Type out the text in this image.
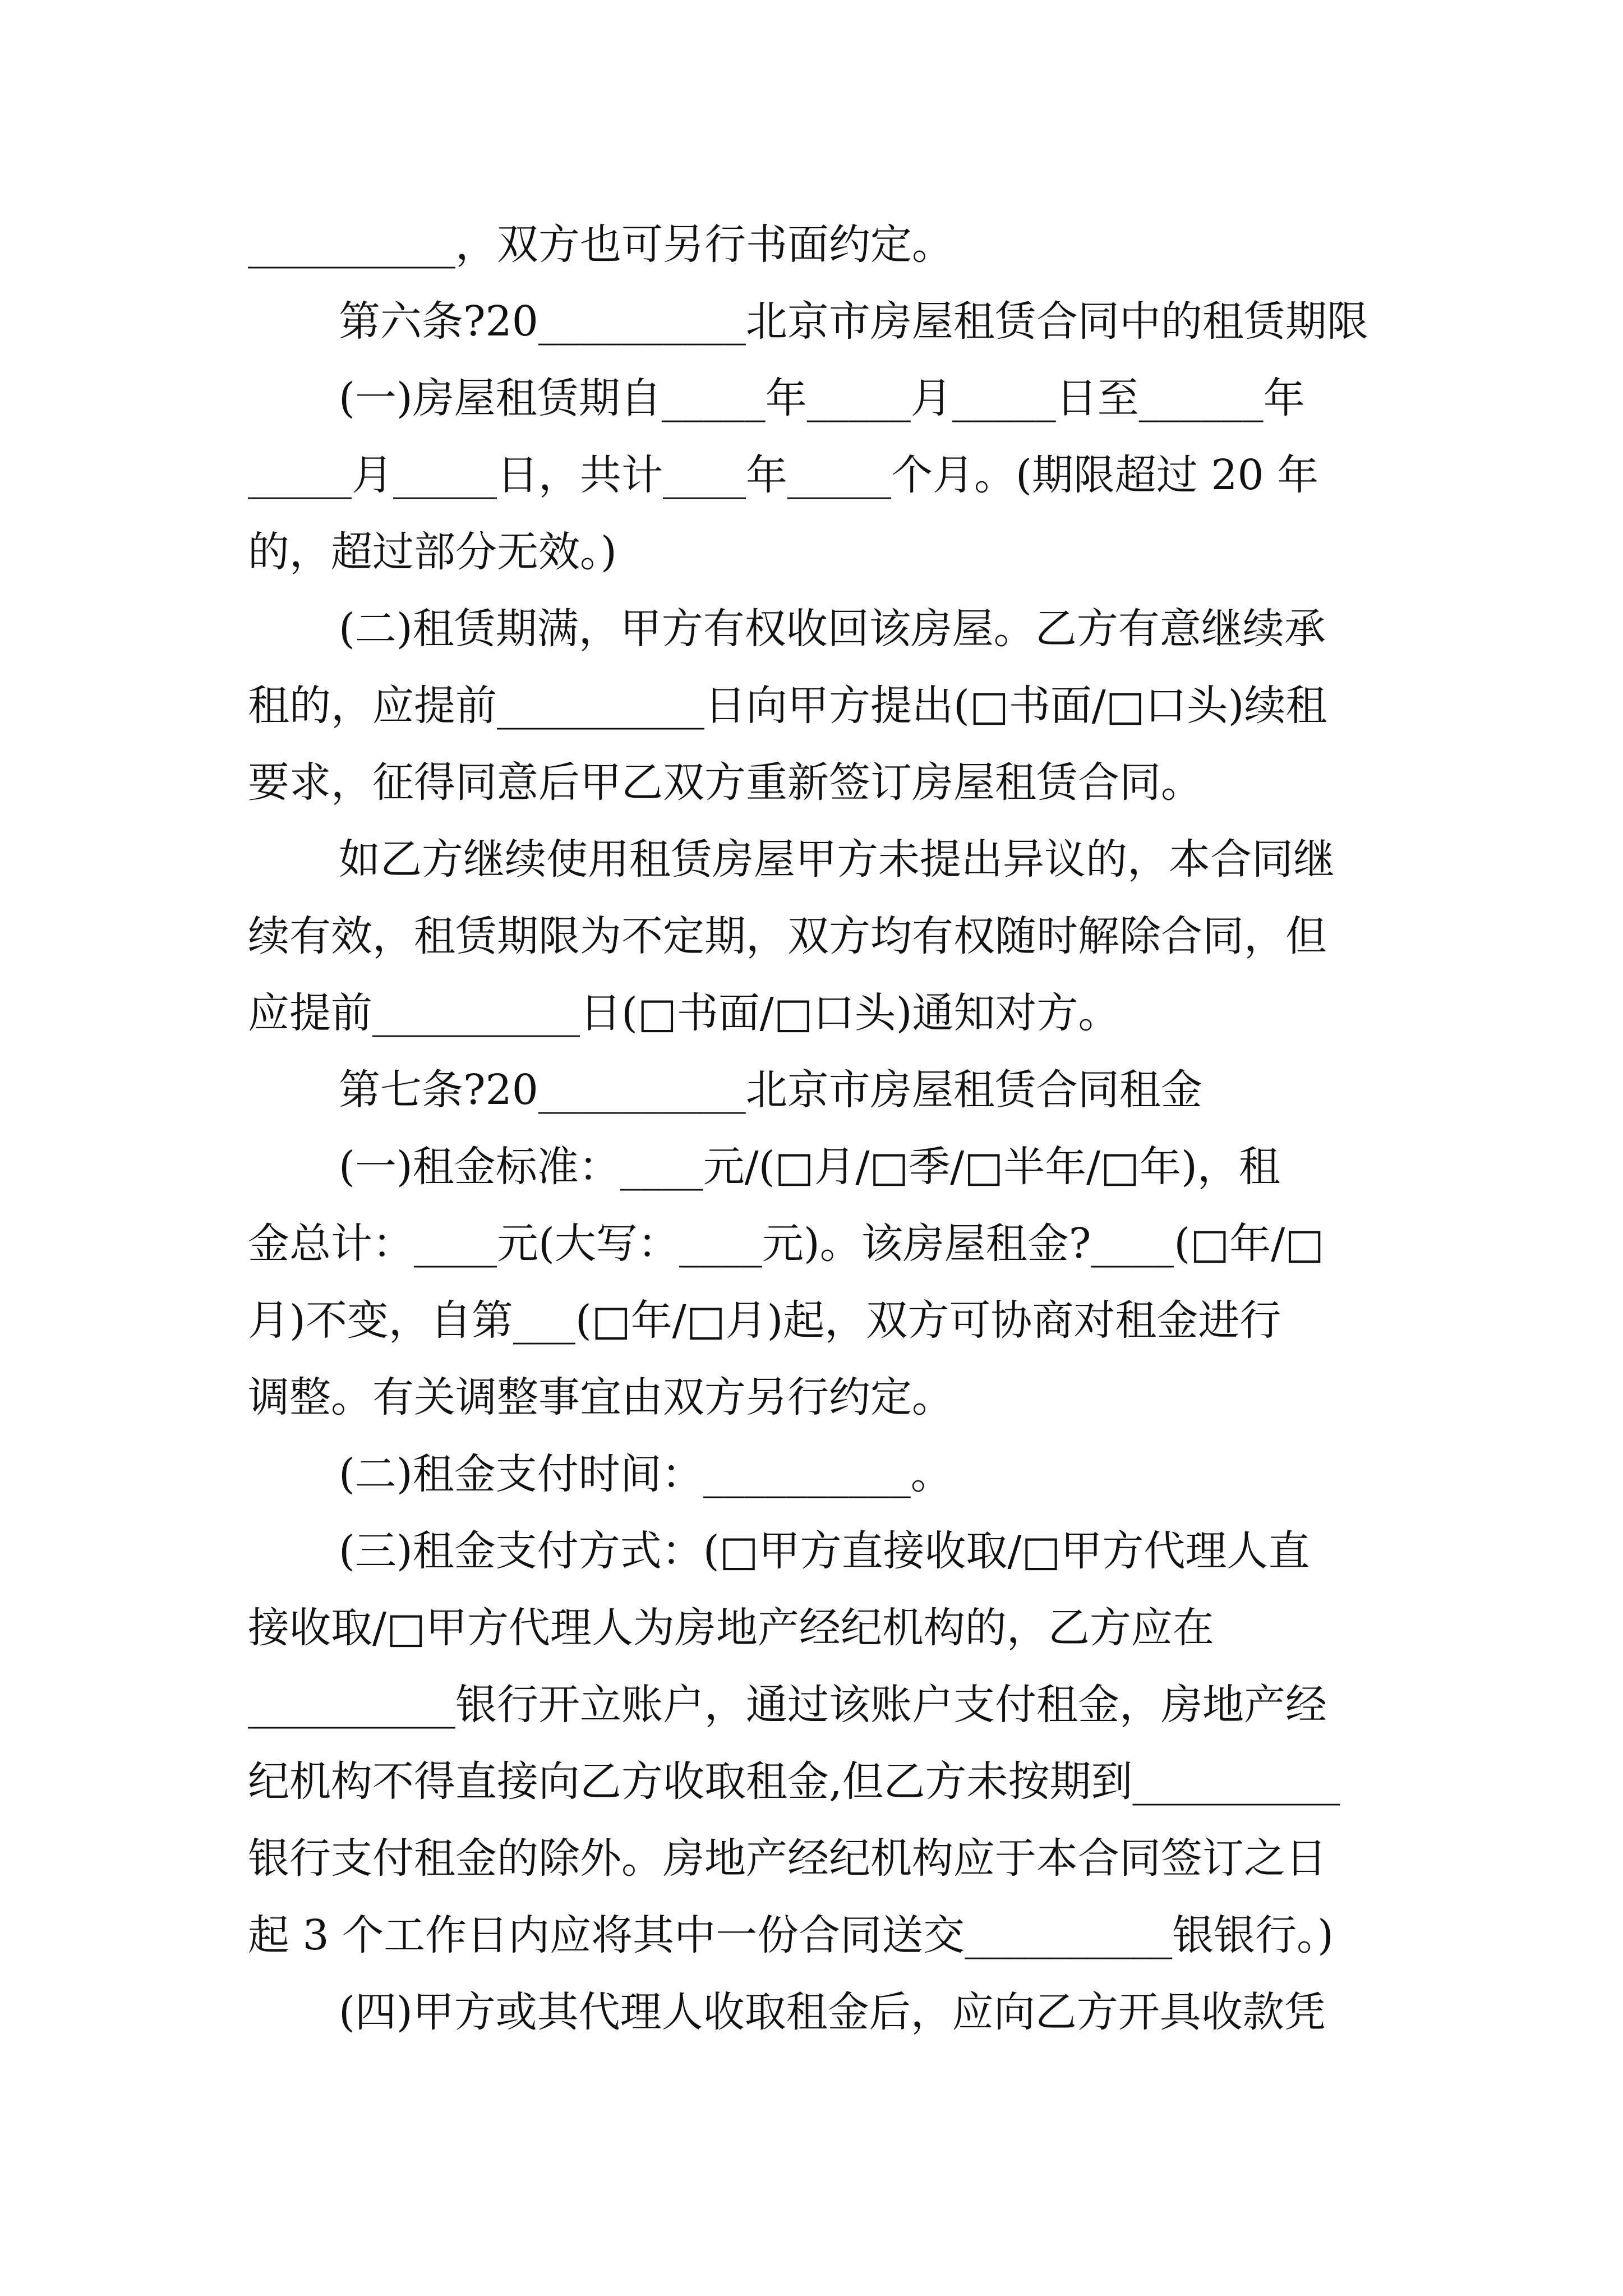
__________，双方也可另行书面约定。
第六条?20__________北京市房屋租赁合同中的租赁期限
(一)房屋租赁期自_____年_____月_____日至______年
_____月_____日，共计____年_____个月。(期限超过 20 年
的，超过部分无效。)
(二)租赁期满，甲方有权收回该房屋。乙方有意继续承
租的，应提前__________日向甲方提出(□书面/□口头)续租
要求，征得同意后甲乙双方重新签订房屋租赁合同。
如乙方继续使用租赁房屋甲方未提出异议的，本合同继
续有效，租赁期限为不定期，双方均有权随时解除合同，但
应提前__________日(□书面/□口头)通知对方。
第七条?20__________北京市房屋租赁合同租金
(一)租金标准：____元/(□月/□季/□半年/□年)，租
金总计：____元(大写：____元)。该房屋租金?____(□年/□
月)不变，自第___(□年/□月)起，双方可协商对租金进行
调整。有关调整事宜由双方另行约定。
(二)租金支付时间：__________。
(三)租金支付方式：(□甲方直接收取/□甲方代理人直
接收取/□甲方代理人为房地产经纪机构的，乙方应在
__________银行开立账户，通过该账户支付租金，房地产经
纪机构不得直接向乙方收取租金,但乙方未按期到__________
银行支付租金的除外。房地产经纪机构应于本合同签订之日
起 3 个工作日内应将其中一份合同送交__________银银行。)
(四)甲方或其代理人收取租金后，应向乙方开具收款凭
